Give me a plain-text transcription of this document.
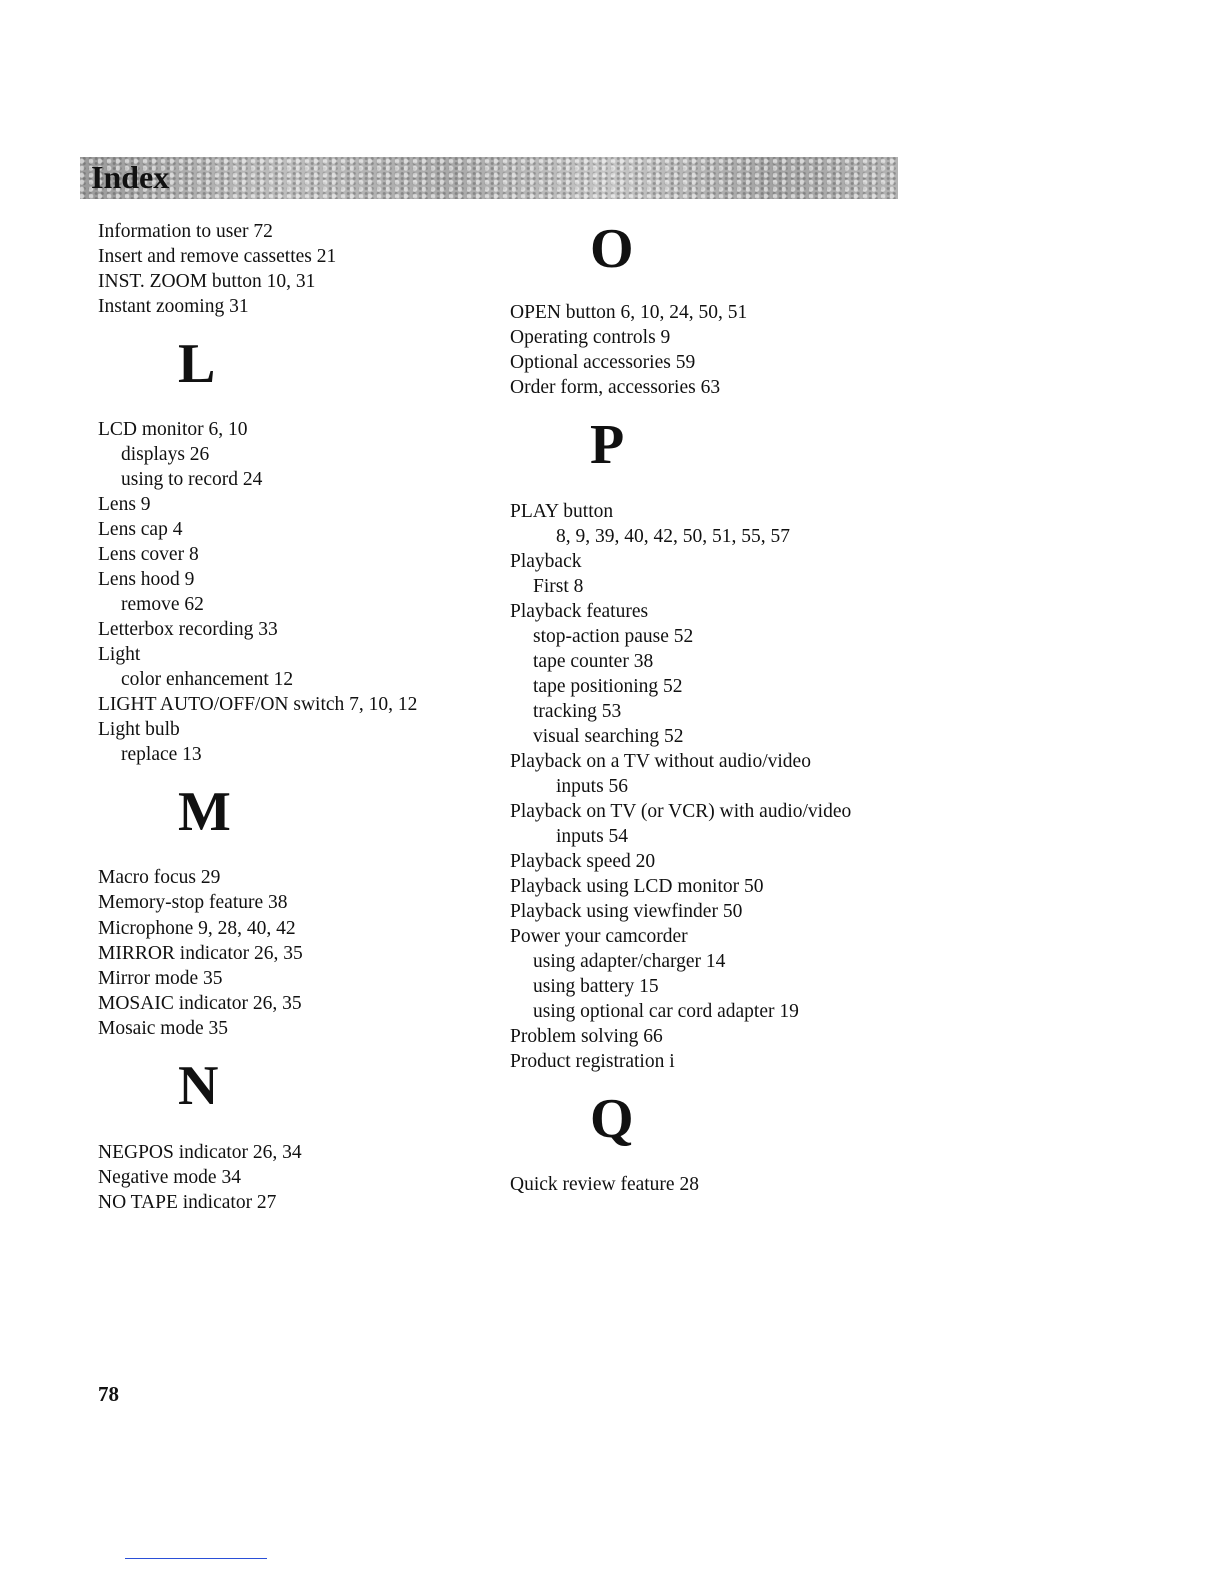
Index
Information to user 72
Insert and remove cassettes 21
INST. ZOOM button 10, 31
Instant zooming 31
L
LCD monitor 6, 10
displays 26
using to record 24
Lens 9
Lens cap 4
Lens cover 8
Lens hood 9
remove 62
Letterbox recording 33
Light
color enhancement 12
LIGHT AUTO/OFF/ON switch 7, 10, 12
Light bulb
replace 13
M
Macro focus 29
Memory-stop feature 38
Microphone 9, 28, 40, 42
MIRROR indicator 26, 35
Mirror mode 35
MOSAIC indicator 26, 35
Mosaic mode 35
N
NEGPOS indicator 26, 34
Negative mode 34
NO TAPE indicator 27
O
OPEN button 6, 10, 24, 50, 51
Operating controls 9
Optional accessories 59
Order form, accessories 63
P
PLAY button
8, 9, 39, 40, 42, 50, 51, 55, 57
Playback
First 8
Playback features
stop-action pause 52
tape counter 38
tape positioning 52
tracking 53
visual searching 52
Playback on a TV without audio/video
inputs 56
Playback on TV (or VCR) with audio/video
inputs 54
Playback speed 20
Playback using LCD monitor 50
Playback using viewfinder 50
Power your camcorder
using adapter/charger 14
using battery 15
using optional car cord adapter 19
Problem solving 66
Product registration i
Q
Quick review feature 28
78
